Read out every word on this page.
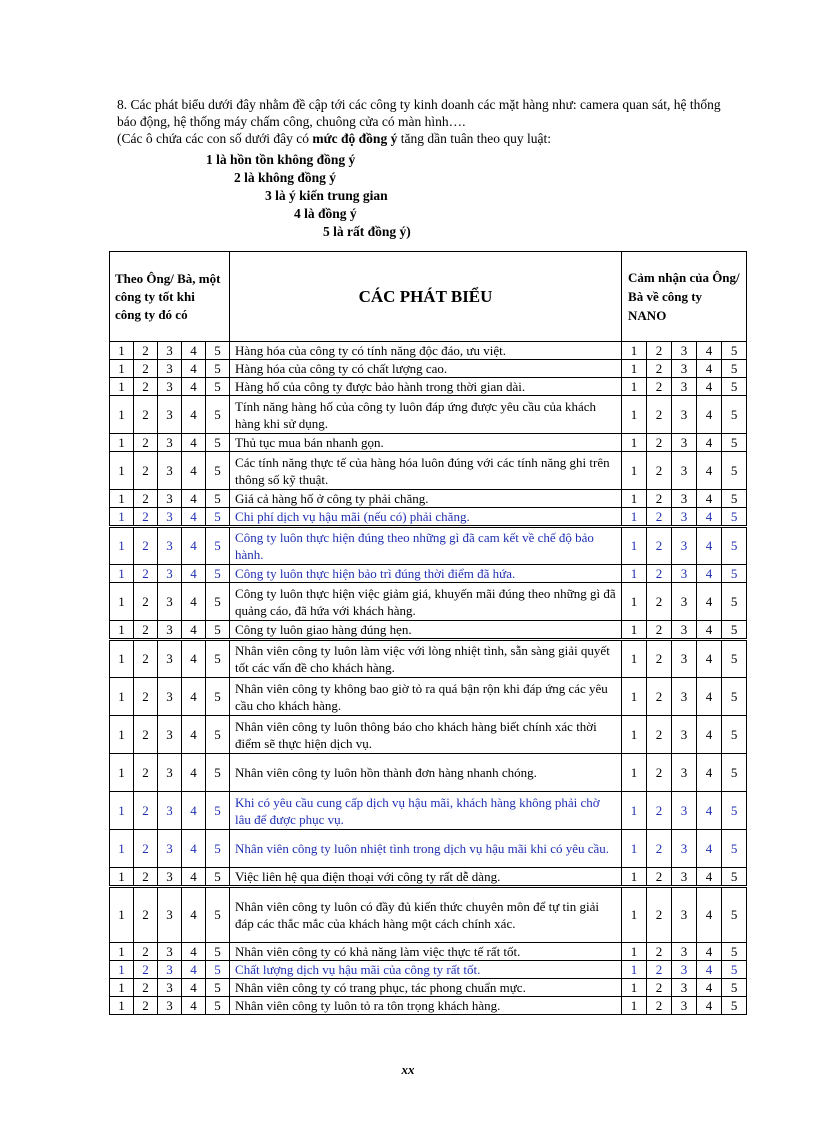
8. Các phát biểu dưới đây nhằm đề cập tới các công ty kinh doanh các mặt hàng như: camera quan sát, hệ thống báo động, hệ thống máy chấm công, chuông cửa có màn hình….

(Các ô chứa các con số dưới đây có mức độ đồng ý tăng dần tuân theo quy luật:

1 là hồn tồn không đồng ý
2 là không đồng ý
3 là ý kiến trung gian
4 là đồng ý
5 là rất đồng ý)
Theo Ông/ Bà, một công ty tốt khi công ty đó có					CÁC PHÁT BIỂU	Cảm nhận của Ông/ Bà về công ty NANO				
1	2	3	4	5	Hàng hóa của công ty có tính năng độc đáo, ưu việt.	1	2	3	4	5
1	2	3	4	5	Hàng hóa của công ty có chất lượng cao.	1	2	3	4	5
1	2	3	4	5	Hàng hố của công ty được bảo hành trong thời gian dài.	1	2	3	4	5
1	2	3	4	5	Tính năng hàng hố của công ty luôn đáp ứng được yêu cầu của khách hàng khi sử dụng.	1	2	3	4	5
1	2	3	4	5	Thủ tục mua bán nhanh gọn.	1	2	3	4	5
1	2	3	4	5	Các tính năng thực tế của hàng hóa luôn đúng với các tính năng ghi trên thông số kỹ thuật.	1	2	3	4	5
1	2	3	4	5	Giá cả hàng hố ở công ty phải chăng.	1	2	3	4	5
1	2	3	4	5	Chi phí dịch vụ hậu mãi (nếu có) phải chăng.	1	2	3	4	5
1	2	3	4	5	Công ty luôn thực hiện đúng theo những gì đã cam kết về chế độ bảo hành.	1	2	3	4	5
1	2	3	4	5	Công ty luôn thực hiện bảo trì đúng thời điểm đã hứa.	1	2	3	4	5
1	2	3	4	5	Công ty luôn thực hiện việc giảm giá, khuyến mãi đúng theo những gì đã quảng cáo, đã hứa với khách hàng.	1	2	3	4	5
1	2	3	4	5	Công ty luôn giao hàng đúng hẹn.	1	2	3	4	5
1	2	3	4	5	Nhân viên công ty luôn làm việc với lòng nhiệt tình, sẵn sàng giải quyết tốt các vấn đề cho khách hàng.	1	2	3	4	5
1	2	3	4	5	Nhân viên công ty không bao giờ tỏ ra quá bận rộn khi đáp ứng các yêu cầu cho khách hàng.	1	2	3	4	5
1	2	3	4	5	Nhân viên công ty luôn thông báo cho khách hàng biết chính xác thời điểm sẽ thực hiện dịch vụ.	1	2	3	4	5
1	2	3	4	5	Nhân viên công ty luôn hồn thành đơn hàng nhanh chóng.	1	2	3	4	5
1	2	3	4	5	Khi có yêu cầu cung cấp dịch vụ hậu mãi, khách hàng không phải chờ lâu để được phục vụ.	1	2	3	4	5
1	2	3	4	5	Nhân viên công ty luôn nhiệt tình trong dịch vụ hậu mãi khi có yêu cầu.	1	2	3	4	5
1	2	3	4	5	Việc liên hệ qua điện thoại với công ty rất dễ dàng.	1	2	3	4	5
1	2	3	4	5	Nhân viên công ty luôn có đầy đủ kiến thức chuyên môn để tự tin giải đáp các thắc mắc của khách hàng một cách chính xác.	1	2	3	4	5
1	2	3	4	5	Nhân viên công ty có khả năng làm việc thực tế rất tốt.	1	2	3	4	5
1	2	3	4	5	Chất lượng dịch vụ hậu mãi của công ty rất tốt.	1	2	3	4	5
1	2	3	4	5	Nhân viên công ty có trang phục, tác phong chuẩn mực.	1	2	3	4	5
1	2	3	4	5	Nhân viên công ty luôn tỏ ra tôn trọng khách hàng.	1	2	3	4	5
xx
